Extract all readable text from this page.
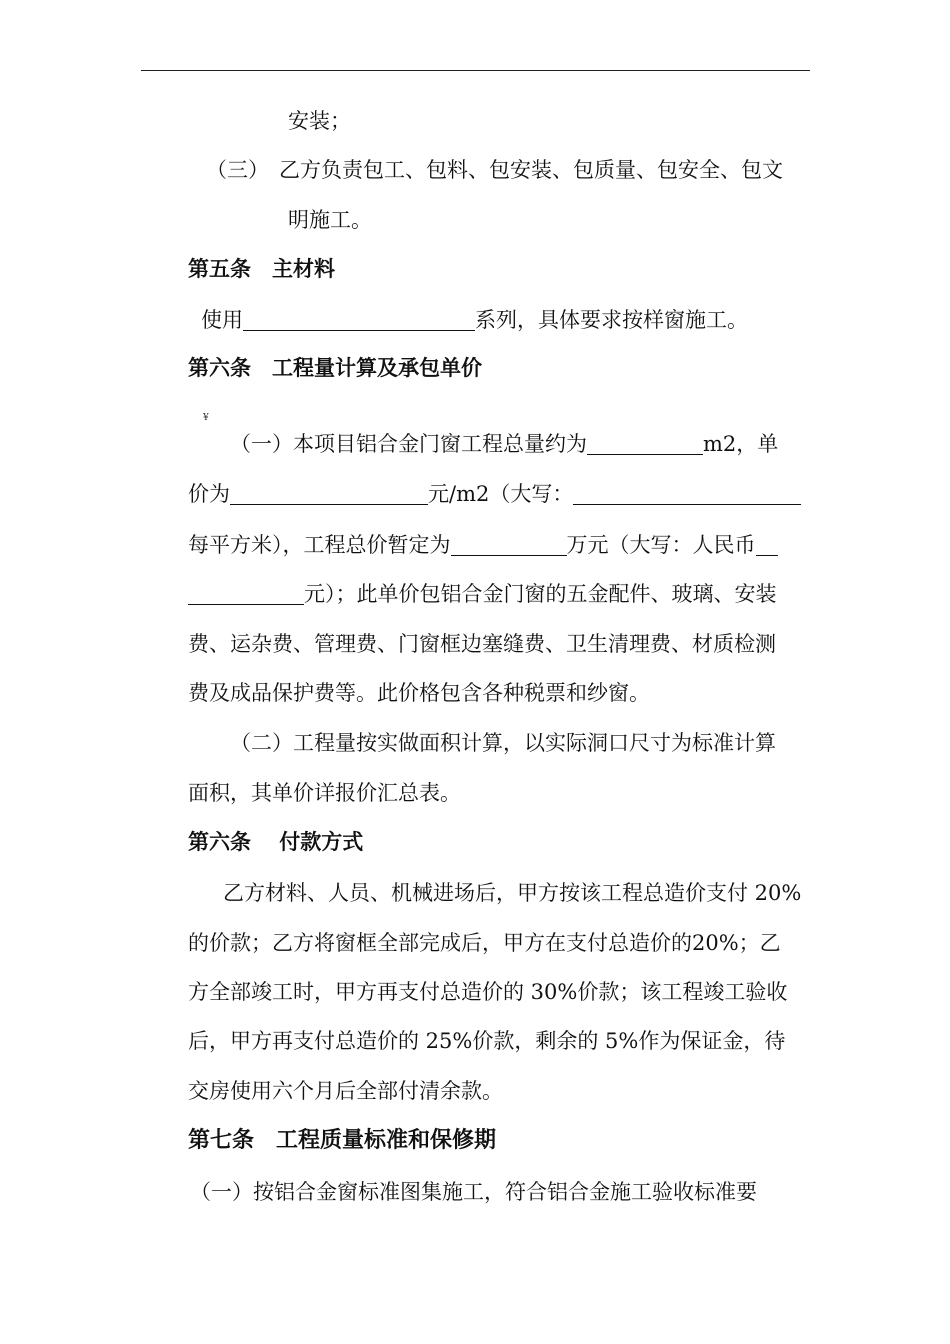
安装；
（三） 乙方负责包工、包料、包安装、包质量、包安全、包文
明施工。
第五条　主材料
使用	系列，具体要求按样窗施工。
第六条　工程量计算及承包单价
¥
（一）本项目铝合金门窗工程总量约为	m2，单
价为	元/m2（大写：
每平方米），工程总价暂定为	万元（大写：人民币
元）；此单价包铝合金门窗的五金配件、玻璃、安装
费、运杂费、管理费、门窗框边塞缝费、卫生清理费、材质检测
费及成品保护费等。此价格包含各种税票和纱窗。
（二）工程量按实做面积计算，以实际洞口尺寸为标准计算
面积，其单价详报价汇总表。
第六条　 付款方式
乙方材料、人员、机械进场后，甲方按该工程总造价支付 20%
的价款；乙方将窗框全部完成后，甲方在支付总造价的20%；乙
方全部竣工时，甲方再支付总造价的 30%价款；该工程竣工验收
后，甲方再支付总造价的 25%价款，剩余的 5%作为保证金，待
交房使用六个月后全部付清余款。
第七条　工程质量标准和保修期
（一）按铝合金窗标准图集施工，符合铝合金施工验收标准要
